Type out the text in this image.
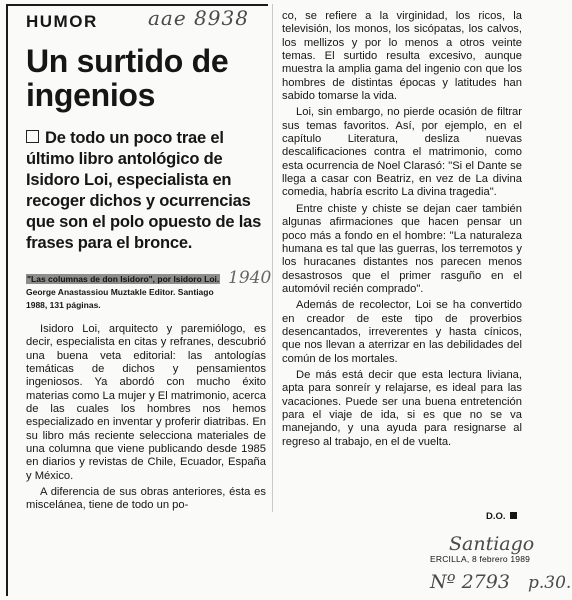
HUMOR	aae 8938
Un surtido de ingenios

De todo un poco trae el último libro antológico de Isidoro Loi, especialista en recoger dichos y ocurrencias que son el polo opuesto de las frases para el bronce.

"Las columnas de don Isidoro", por Isidoro Loi. George Anastassiou Muztakle Editor. Santiago 1988, 131 páginas.

1940

Isidoro Loi, arquitecto y paremiólogo, es decir, especialista en citas y refranes, descubrió una buena veta editorial: las antologías temáticas de dichos y pensamientos ingeniosos. Ya abordó con mucho éxito materias como La mujer y El matrimonio, acerca de las cuales los hombres nos hemos especializado en inventar y proferir diatribas. En su libro más reciente selecciona materiales de una columna que viene publicando desde 1985 en diarios y revistas de Chile, Ecuador, España y México.

A diferencia de sus obras anteriores, ésta es miscelánea, tiene de todo un po-

co, se refiere a la virginidad, los ricos, la televisión, los monos, los sicópatas, los calvos, los mellizos y por lo menos a otros veinte temas. El surtido resulta excesivo, aunque muestra la amplia gama del ingenio con que los hombres de distintas épocas y latitudes han sabido tomarse la vida.

Loi, sin embargo, no pierde ocasión de filtrar sus temas favoritos. Así, por ejemplo, en el capítulo Literatura, desliza nuevas descalificaciones contra el matrimonio, como esta ocurrencia de Noel Clarasó: "Si el Dante se llega a casar con Beatriz, en vez de La divina comedia, habría escrito La divina tragedia".

Entre chiste y chiste se dejan caer también algunas afirmaciones que hacen pensar un poco más a fondo en el hombre: "La naturaleza humana es tal que las guerras, los terremotos y los huracanes distantes nos parecen menos desastrosos que el primer rasguño en el automóvil recién comprado".

Además de recolector, Loi se ha convertido en creador de este tipo de proverbios desencantados, irreverentes y hasta cínicos, que nos llevan a aterrizar en las debilidades del común de los mortales.

De más está decir que esta lectura liviana, apta para sonreír y relajarse, es ideal para las vacaciones. Puede ser una buena entretención para el viaje de ida, si es que no se va manejando, y una ayuda para resignarse al regreso al trabajo, en el de vuelta.

D.O.
Santiago
ERCILLA, 8 febrero 1989
Nº 2793 p.30.
